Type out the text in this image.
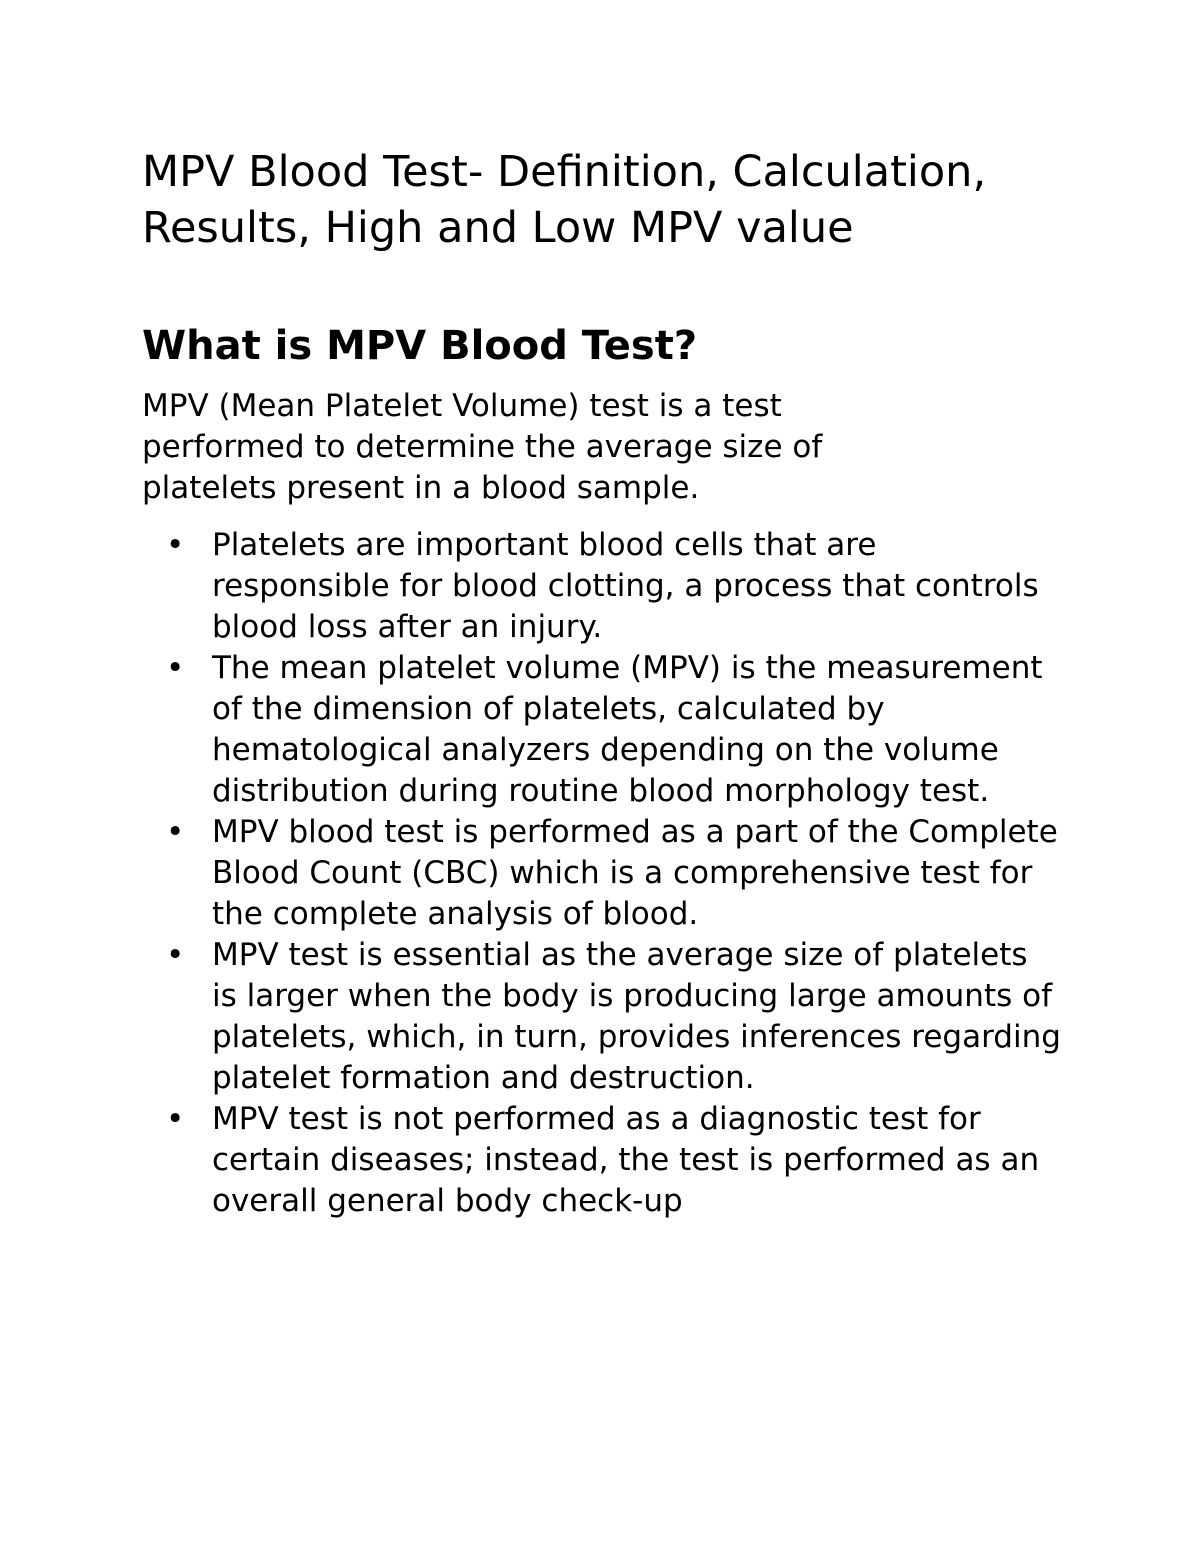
MPV Blood Test- Definition, Calculation, Results, High and Low MPV value
What is MPV Blood Test?

MPV (Mean Platelet Volume) test is a test performed to determine the average size of platelets present in a blood sample.

• Platelets are important blood cells that are responsible for blood clotting, a process that controls blood loss after an injury.
• The mean platelet volume (MPV) is the measurement of the dimension of platelets, calculated by hematological analyzers depending on the volume distribution during routine blood morphology test.
• MPV blood test is performed as a part of the Complete Blood Count (CBC) which is a comprehensive test for the complete analysis of blood.
• MPV test is essential as the average size of platelets is larger when the body is producing large amounts of platelets, which, in turn, provides inferences regarding platelet formation and destruction.
• MPV test is not performed as a diagnostic test for certain diseases; instead, the test is performed as an overall general body check-up
